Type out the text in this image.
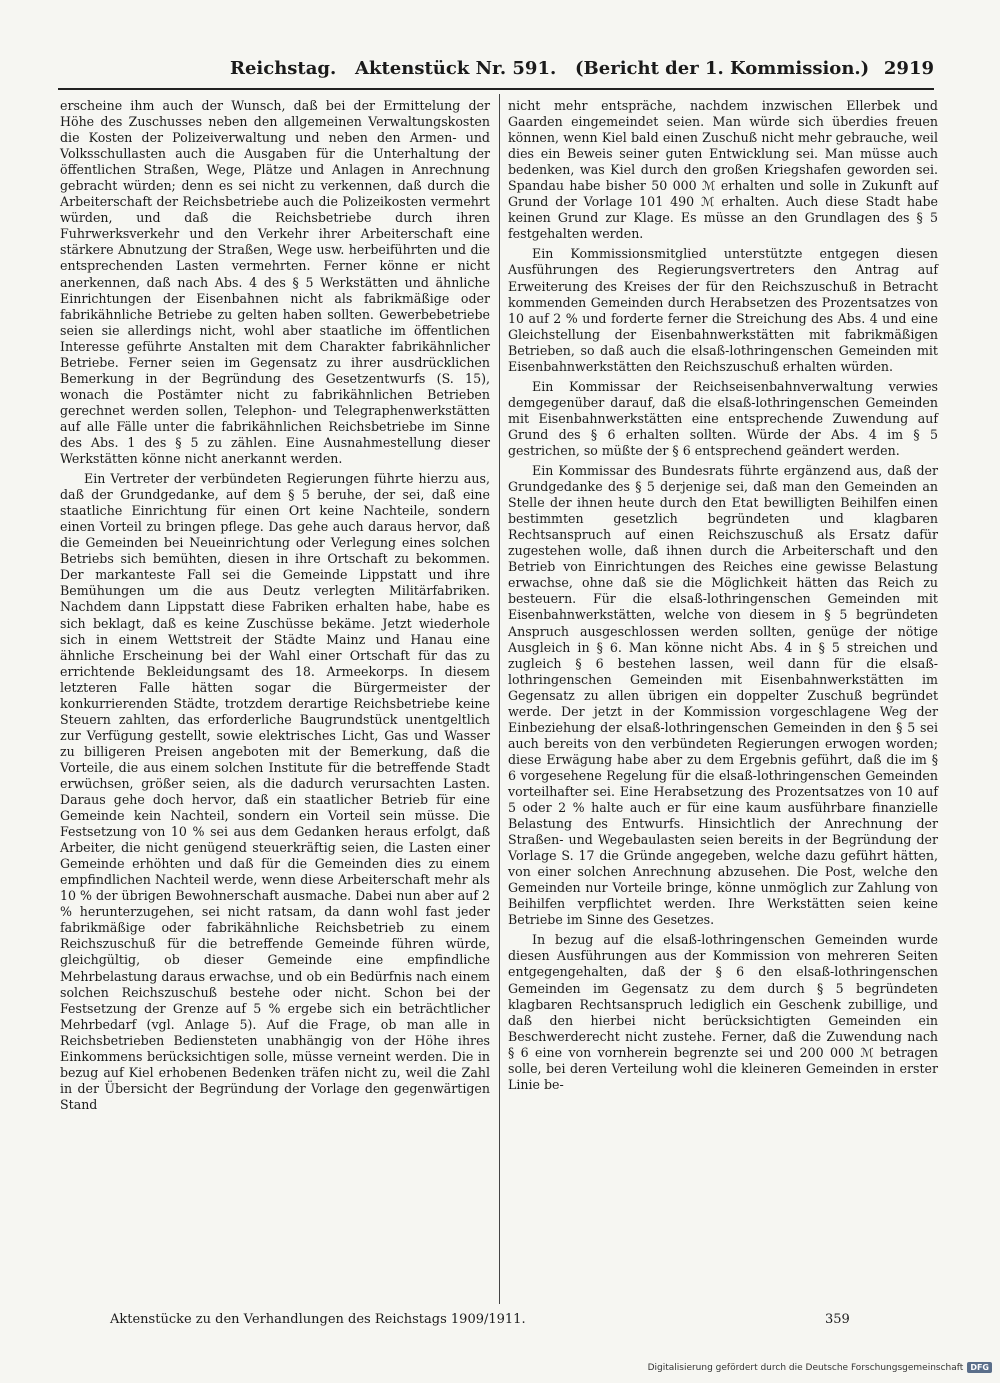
Reichstag.   Aktenstück Nr. 591.   (Bericht der 1. Kommission.) 2919

erscheine ihm auch der Wunsch, daß bei der Ermittelung der Höhe des Zuschusses neben den allgemeinen Verwaltungskosten die Kosten der Polizeiverwaltung und neben den Armen- und Volksschullasten auch die Ausgaben für die Unterhaltung der öffentlichen Straßen, Wege, Plätze und Anlagen in Anrechnung gebracht würden; denn es sei nicht zu verkennen, daß durch die Arbeiterschaft der Reichsbetriebe auch die Polizeikosten vermehrt würden, und daß die Reichsbetriebe durch ihren Fuhrwerksverkehr und den Verkehr ihrer Arbeiterschaft eine stärkere Abnutzung der Straßen, Wege usw. herbeiführten und die entsprechenden Lasten vermehrten. Ferner könne er nicht anerkennen, daß nach Abs. 4 des § 5 Werkstätten und ähnliche Einrichtungen der Eisenbahnen nicht als fabrikmäßige oder fabrikähnliche Betriebe zu gelten haben sollten. Gewerbebetriebe seien sie allerdings nicht, wohl aber staatliche im öffentlichen Interesse geführte Anstalten mit dem Charakter fabrikähnlicher Betriebe. Ferner seien im Gegensatz zu ihrer ausdrücklichen Bemerkung in der Begründung des Gesetzentwurfs (S. 15), wonach die Postämter nicht zu fabrikähnlichen Betrieben gerechnet werden sollen, Telephon- und Telegraphenwerkstätten auf alle Fälle unter die fabrikähnlichen Reichsbetriebe im Sinne des Abs. 1 des § 5 zu zählen. Eine Ausnahmestellung dieser Werkstätten könne nicht anerkannt werden.

Ein Vertreter der verbündeten Regierungen führte hierzu aus, daß der Grundgedanke, auf dem § 5 beruhe, der sei, daß eine staatliche Einrichtung für einen Ort keine Nachteile, sondern einen Vorteil zu bringen pflege. Das gehe auch daraus hervor, daß die Gemeinden bei Neueinrichtung oder Verlegung eines solchen Betriebs sich bemühten, diesen in ihre Ortschaft zu bekommen. Der markanteste Fall sei die Gemeinde Lippstatt und ihre Bemühungen um die aus Deutz verlegten Militärfabriken. Nachdem dann Lippstatt diese Fabriken erhalten habe, habe es sich beklagt, daß es keine Zuschüsse bekäme. Jetzt wiederhole sich in einem Wettstreit der Städte Mainz und Hanau eine ähnliche Erscheinung bei der Wahl einer Ortschaft für das zu errichtende Bekleidungsamt des 18. Armeekorps. In diesem letzteren Falle hätten sogar die Bürgermeister der konkurrierenden Städte, trotzdem derartige Reichsbetriebe keine Steuern zahlten, das erforderliche Baugrundstück unentgeltlich zur Verfügung gestellt, sowie elektrisches Licht, Gas und Wasser zu billigeren Preisen angeboten mit der Bemerkung, daß die Vorteile, die aus einem solchen Institute für die betreffende Stadt erwüchsen, größer seien, als die dadurch verursachten Lasten. Daraus gehe doch hervor, daß ein staatlicher Betrieb für eine Gemeinde kein Nachteil, sondern ein Vorteil sein müsse. Die Festsetzung von 10 % sei aus dem Gedanken heraus erfolgt, daß Arbeiter, die nicht genügend steuerkräftig seien, die Lasten einer Gemeinde erhöhten und daß für die Gemeinden dies zu einem empfindlichen Nachteil werde, wenn diese Arbeiterschaft mehr als 10 % der übrigen Bewohnerschaft ausmache. Dabei nun aber auf 2 % herunterzugehen, sei nicht ratsam, da dann wohl fast jeder fabrikmäßige oder fabrikähnliche Reichsbetrieb zu einem Reichszuschuß für die betreffende Gemeinde führen würde, gleichgültig, ob dieser Gemeinde eine empfindliche Mehrbelastung daraus erwachse, und ob ein Bedürfnis nach einem solchen Reichszuschuß bestehe oder nicht. Schon bei der Festsetzung der Grenze auf 5 % ergebe sich ein beträchtlicher Mehrbedarf (vgl. Anlage 5). Auf die Frage, ob man alle in Reichsbetrieben Bediensteten unabhängig von der Höhe ihres Einkommens berücksichtigen solle, müsse verneint werden. Die in bezug auf Kiel erhobenen Bedenken träfen nicht zu, weil die Zahl in der Übersicht der Begründung der Vorlage den gegenwärtigen Stand

nicht mehr entspräche, nachdem inzwischen Ellerbek und Gaarden eingemeindet seien. Man würde sich überdies freuen können, wenn Kiel bald einen Zuschuß nicht mehr gebrauche, weil dies ein Beweis seiner guten Entwicklung sei. Man müsse auch bedenken, was Kiel durch den großen Kriegshafen geworden sei. Spandau habe bisher 50 000 ℳ erhalten und solle in Zukunft auf Grund der Vorlage 101 490 ℳ erhalten. Auch diese Stadt habe keinen Grund zur Klage. Es müsse an den Grundlagen des § 5 festgehalten werden.

Ein Kommissionsmitglied unterstützte entgegen diesen Ausführungen des Regierungsvertreters den Antrag auf Erweiterung des Kreises der für den Reichszuschuß in Betracht kommenden Gemeinden durch Herabsetzen des Prozentsatzes von 10 auf 2 % und forderte ferner die Streichung des Abs. 4 und eine Gleichstellung der Eisenbahnwerkstätten mit fabrikmäßigen Betrieben, so daß auch die elsaß-lothringenschen Gemeinden mit Eisenbahnwerkstätten den Reichszuschuß erhalten würden.

Ein Kommissar der Reichseisenbahnverwaltung verwies demgegenüber darauf, daß die elsaß-lothringenschen Gemeinden mit Eisenbahnwerkstätten eine entsprechende Zuwendung auf Grund des § 6 erhalten sollten. Würde der Abs. 4 im § 5 gestrichen, so müßte der § 6 entsprechend geändert werden.

Ein Kommissar des Bundesrats führte ergänzend aus, daß der Grundgedanke des § 5 derjenige sei, daß man den Gemeinden an Stelle der ihnen heute durch den Etat bewilligten Beihilfen einen bestimmten gesetzlich begründeten und klagbaren Rechtsanspruch auf einen Reichszuschuß als Ersatz dafür zugestehen wolle, daß ihnen durch die Arbeiterschaft und den Betrieb von Einrichtungen des Reiches eine gewisse Belastung erwachse, ohne daß sie die Möglichkeit hätten das Reich zu besteuern. Für die elsaß-lothringenschen Gemeinden mit Eisenbahnwerkstätten, welche von diesem in § 5 begründeten Anspruch ausgeschlossen werden sollten, genüge der nötige Ausgleich in § 6. Man könne nicht Abs. 4 in § 5 streichen und zugleich § 6 bestehen lassen, weil dann für die elsaß-lothringenschen Gemeinden mit Eisenbahnwerkstätten im Gegensatz zu allen übrigen ein doppelter Zuschuß begründet werde. Der jetzt in der Kommission vorgeschlagene Weg der Einbeziehung der elsaß-lothringenschen Gemeinden in den § 5 sei auch bereits von den verbündeten Regierungen erwogen worden; diese Erwägung habe aber zu dem Ergebnis geführt, daß die im § 6 vorgesehene Regelung für die elsaß-lothringenschen Gemeinden vorteilhafter sei. Eine Herabsetzung des Prozentsatzes von 10 auf 5 oder 2 % halte auch er für eine kaum ausführbare finanzielle Belastung des Entwurfs. Hinsichtlich der Anrechnung der Straßen- und Wegebaulasten seien bereits in der Begründung der Vorlage S. 17 die Gründe angegeben, welche dazu geführt hätten, von einer solchen Anrechnung abzusehen. Die Post, welche den Gemeinden nur Vorteile bringe, könne unmöglich zur Zahlung von Beihilfen verpflichtet werden. Ihre Werkstätten seien keine Betriebe im Sinne des Gesetzes.

In bezug auf die elsaß-lothringenschen Gemeinden wurde diesen Ausführungen aus der Kommission von mehreren Seiten entgegengehalten, daß der § 6 den elsaß-lothringenschen Gemeinden im Gegensatz zu dem durch § 5 begründeten klagbaren Rechtsanspruch lediglich ein Geschenk zubillige, und daß den hierbei nicht berücksichtigten Gemeinden ein Beschwerderecht nicht zustehe. Ferner, daß die Zuwendung nach § 6 eine von vornherein begrenzte sei und 200 000 ℳ betragen solle, bei deren Verteilung wohl die kleineren Gemeinden in erster Linie be-

Aktenstücke zu den Verhandlungen des Reichstags 1909/1911.	359
Digitalisierung gefördert durch die Deutsche Forschungsgemeinschaft DFG
